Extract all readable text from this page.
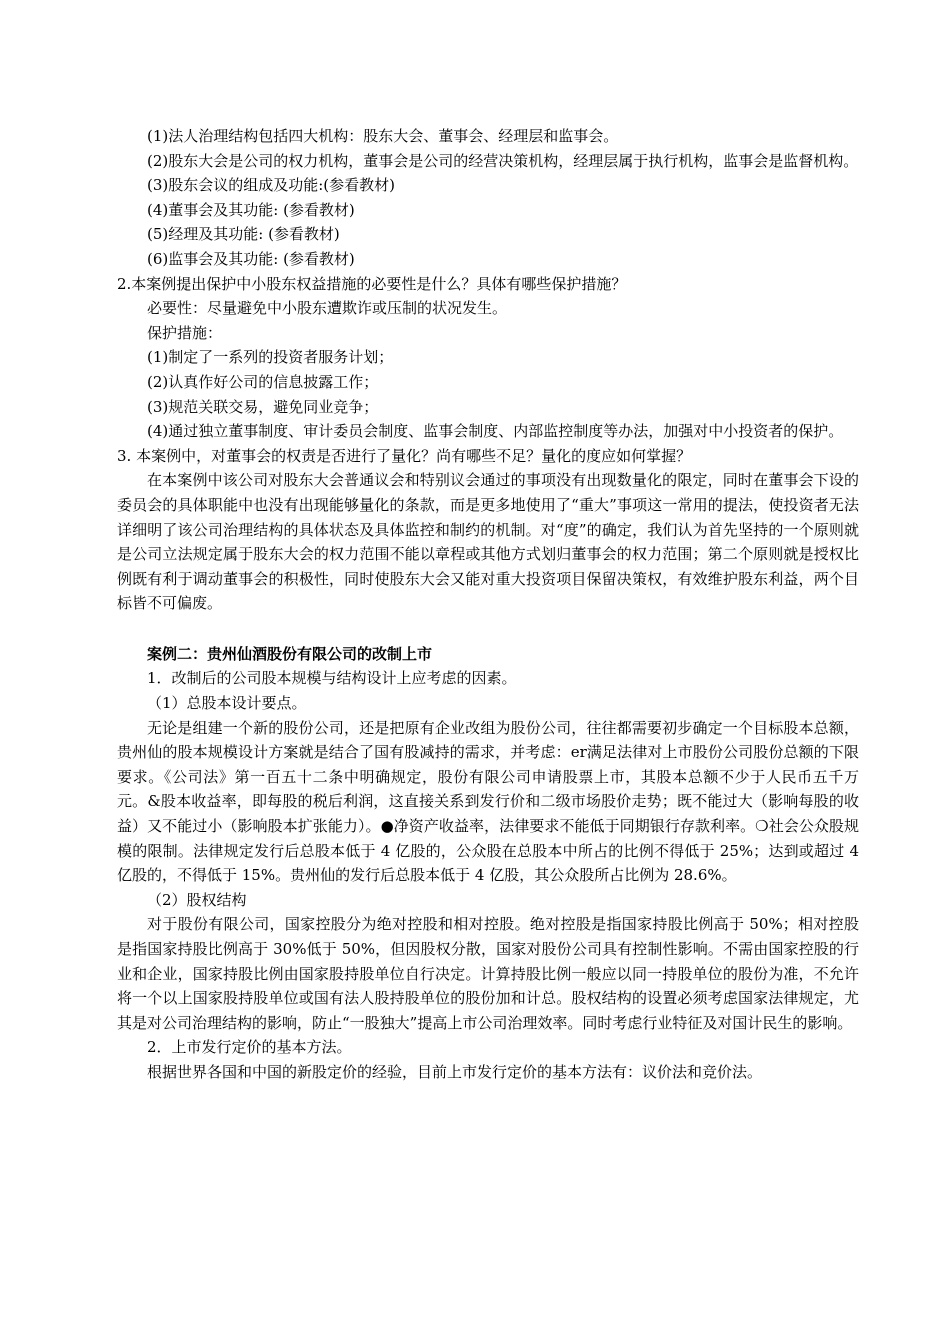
(1)法人治理结构包括四大机构：股东大会、董事会、经理层和监事会。

(2)股东大会是公司的权力机构，董事会是公司的经营决策机构，经理层属于执行机构，监事会是监督机构。

(3)股东会议的组成及功能:(参看教材)

(4)董事会及其功能: (参看教材)

(5)经理及其功能: (参看教材)

(6)监事会及其功能: (参看教材)

2.本案例提出保护中小股东权益措施的必要性是什么？具体有哪些保护措施？

必要性：尽量避免中小股东遭欺诈或压制的状况发生。

保护措施：

(1)制定了一系列的投资者服务计划；

(2)认真作好公司的信息披露工作；

(3)规范关联交易，避免同业竞争；

(4)通过独立董事制度、审计委员会制度、监事会制度、内部监控制度等办法，加强对中小投资者的保护。

3. 本案例中，对董事会的权责是否进行了量化？尚有哪些不足？量化的度应如何掌握？

在本案例中该公司对股东大会普通议会和特别议会通过的事项没有出现数量化的限定，同时在董事会下设的委员会的具体职能中也没有出现能够量化的条款，而是更多地使用了“重大”事项这一常用的提法，使投资者无法详细明了该公司治理结构的具体状态及具体监控和制约的机制。对“度”的确定，我们认为首先坚持的一个原则就是公司立法规定属于股东大会的权力范围不能以章程或其他方式划归董事会的权力范围；第二个原则就是授权比例既有利于调动董事会的积极性，同时使股东大会又能对重大投资项目保留决策权，有效维护股东利益，两个目标皆不可偏废。

案例二：贵州仙酒股份有限公司的改制上市

1．改制后的公司股本规模与结构设计上应考虑的因素。

（1）总股本设计要点。

无论是组建一个新的股份公司，还是把原有企业改组为股份公司，往往都需要初步确定一个目标股本总额，贵州仙的股本规模设计方案就是结合了国有股减持的需求，并考虑：er满足法律对上市股份公司股份总额的下限要求。《公司法》第一百五十二条中明确规定，股份有限公司申请股票上市，其股本总额不少于人民币五千万元。&股本收益率，即每股的税后利润，这直接关系到发行价和二级市场股价走势；既不能过大（影响每股的收益）又不能过小（影响股本扩张能力）。●净资产收益率，法律要求不能低于同期银行存款利率。❍社会公众股规模的限制。法律规定发行后总股本低于 4 亿股的，公众股在总股本中所占的比例不得低于 25%；达到或超过 4 亿股的，不得低于 15%。贵州仙的发行后总股本低于 4 亿股，其公众股所占比例为 28.6%。

（2）股权结构

对于股份有限公司，国家控股分为绝对控股和相对控股。绝对控股是指国家持股比例高于 50%；相对控股是指国家持股比例高于 30%低于 50%，但因股权分散，国家对股份公司具有控制性影响。不需由国家控股的行业和企业，国家持股比例由国家股持股单位自行决定。计算持股比例一般应以同一持股单位的股份为准，不允许将一个以上国家股持股单位或国有法人股持股单位的股份加和计总。股权结构的设置必须考虑国家法律规定，尤其是对公司治理结构的影响，防止“一股独大”提高上市公司治理效率。同时考虑行业特征及对国计民生的影响。

2．上市发行定价的基本方法。

根据世界各国和中国的新股定价的经验，目前上市发行定价的基本方法有：议价法和竞价法。
